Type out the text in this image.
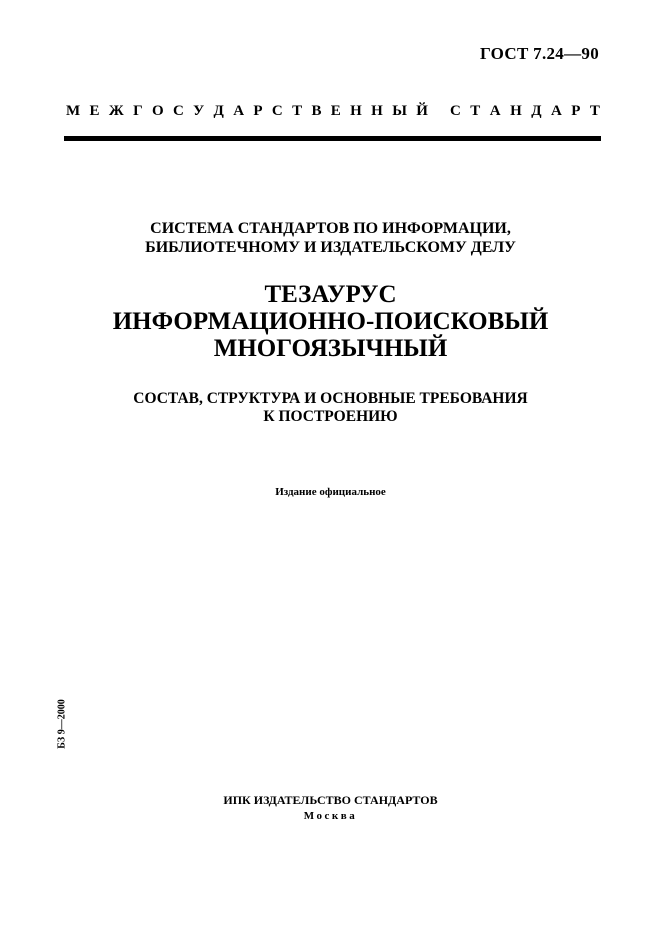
ГОСТ 7.24—90
М Е Ж Г О С У Д А Р С Т В Е Н Н Ы Й С Т А Н Д А Р Т
СИСТЕМА СТАНДАРТОВ ПО ИНФОРМАЦИИ,
БИБЛИОТЕЧНОМУ И ИЗДАТЕЛЬСКОМУ ДЕЛУ
ТЕЗАУРУС
ИНФОРМАЦИОННО-ПОИСКОВЫЙ
МНОГОЯЗЫЧНЫЙ
СОСТАВ, СТРУКТУРА И ОСНОВНЫЕ ТРЕБОВАНИЯ
К ПОСТРОЕНИЮ
Издание официальное
БЗ 9—2000
ИПК ИЗДАТЕЛЬСТВО СТАНДАРТОВ
Москва
